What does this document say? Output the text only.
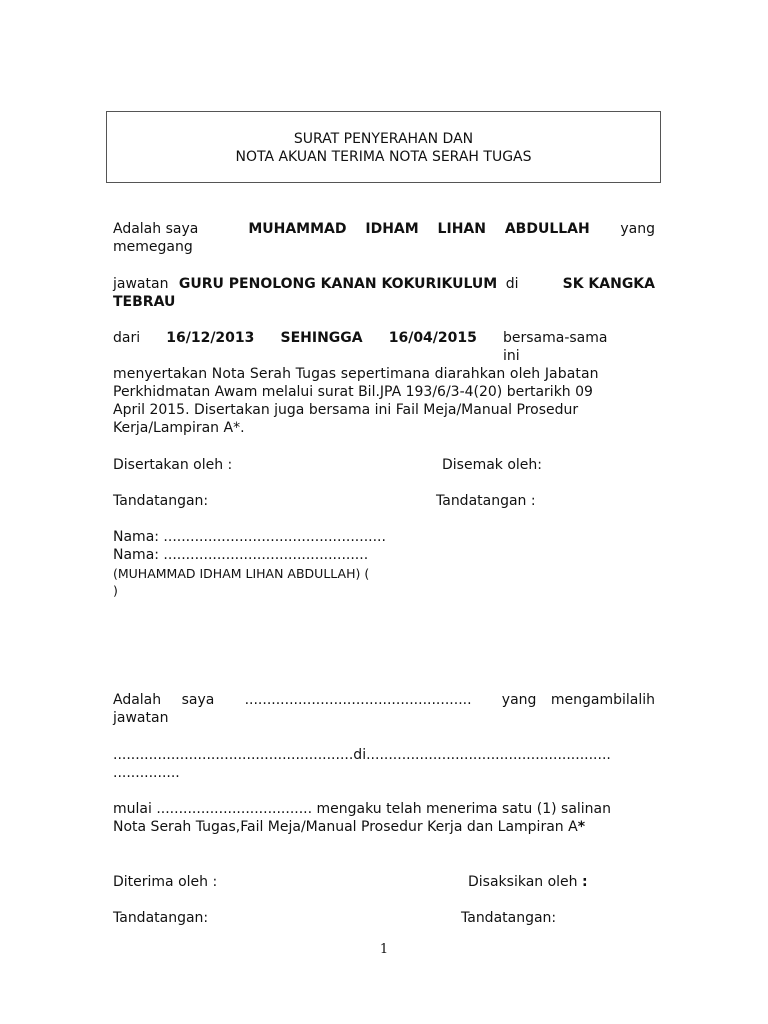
SURAT PENYERAHAN DAN
NOTA AKUAN TERIMA NOTA SERAH TUGAS
Adalah saya	MUHAMMAD IDHAM LIHAN ABDULLAH yang
memegang
jawatan GURU PENOLONG KANAN KOKURIKULUM di	SK KANGKA
TEBRAU
dari 16/12/2013 SEHINGGA 16/04/2015 bersama-sama ini
menyertakan Nota Serah Tugas sepertimana diarahkan oleh Jabatan
Perkhidmatan Awam melalui surat Bil.JPA 193/6/3-4(20) bertarikh 09
April 2015. Disertakan juga bersama ini Fail Meja/Manual Prosedur
Kerja/Lampiran A*.
Disertakan oleh :	Disemak oleh:
Tandatangan:	Tandatangan :
Nama: ..................................................
Nama: ..............................................
(MUHAMMAD IDHAM LIHAN ABDULLAH) (
)
Adalah saya ................................................... yang mengambilalih
jawatan
......................................................di.......................................................
...............
mulai ................................... mengaku telah menerima satu (1) salinan
Nota Serah Tugas,Fail Meja/Manual Prosedur Kerja dan Lampiran A*
Diterima oleh :	Disaksikan oleh :
Tandatangan:	Tandatangan:
1
